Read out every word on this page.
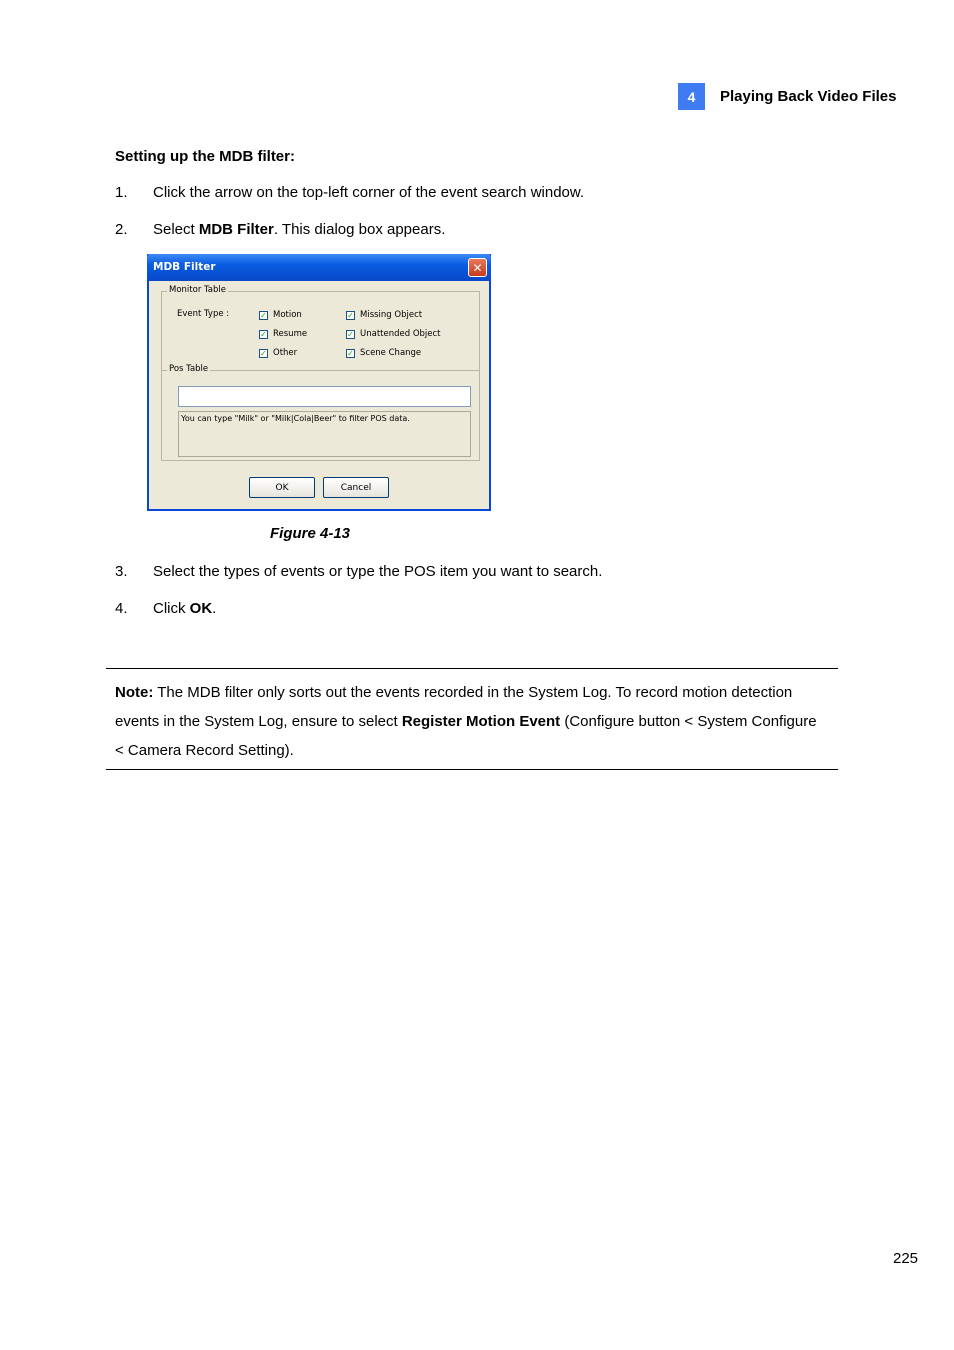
4	Playing Back Video Files
Setting up the MDB filter:
1. Click the arrow on the top-left corner of the event search window.
2. Select MDB Filter. This dialog box appears.
MDB Filter	✕
Monitor Table
Event Type :	✓ Motion	✓ Missing Object
✓ Resume	✓ Unattended Object
✓ Other	✓ Scene Change
Pos Table
You can type "Milk" or "Milk|Cola|Beer" to filter POS data.
OK	Cancel
Figure 4-13
3. Select the types of events or type the POS item you want to search.
4. Click OK.
Note: The MDB filter only sorts out the events recorded in the System Log. To record motion detection events in the System Log, ensure to select Register Motion Event (Configure button < System Configure < Camera Record Setting).
225
